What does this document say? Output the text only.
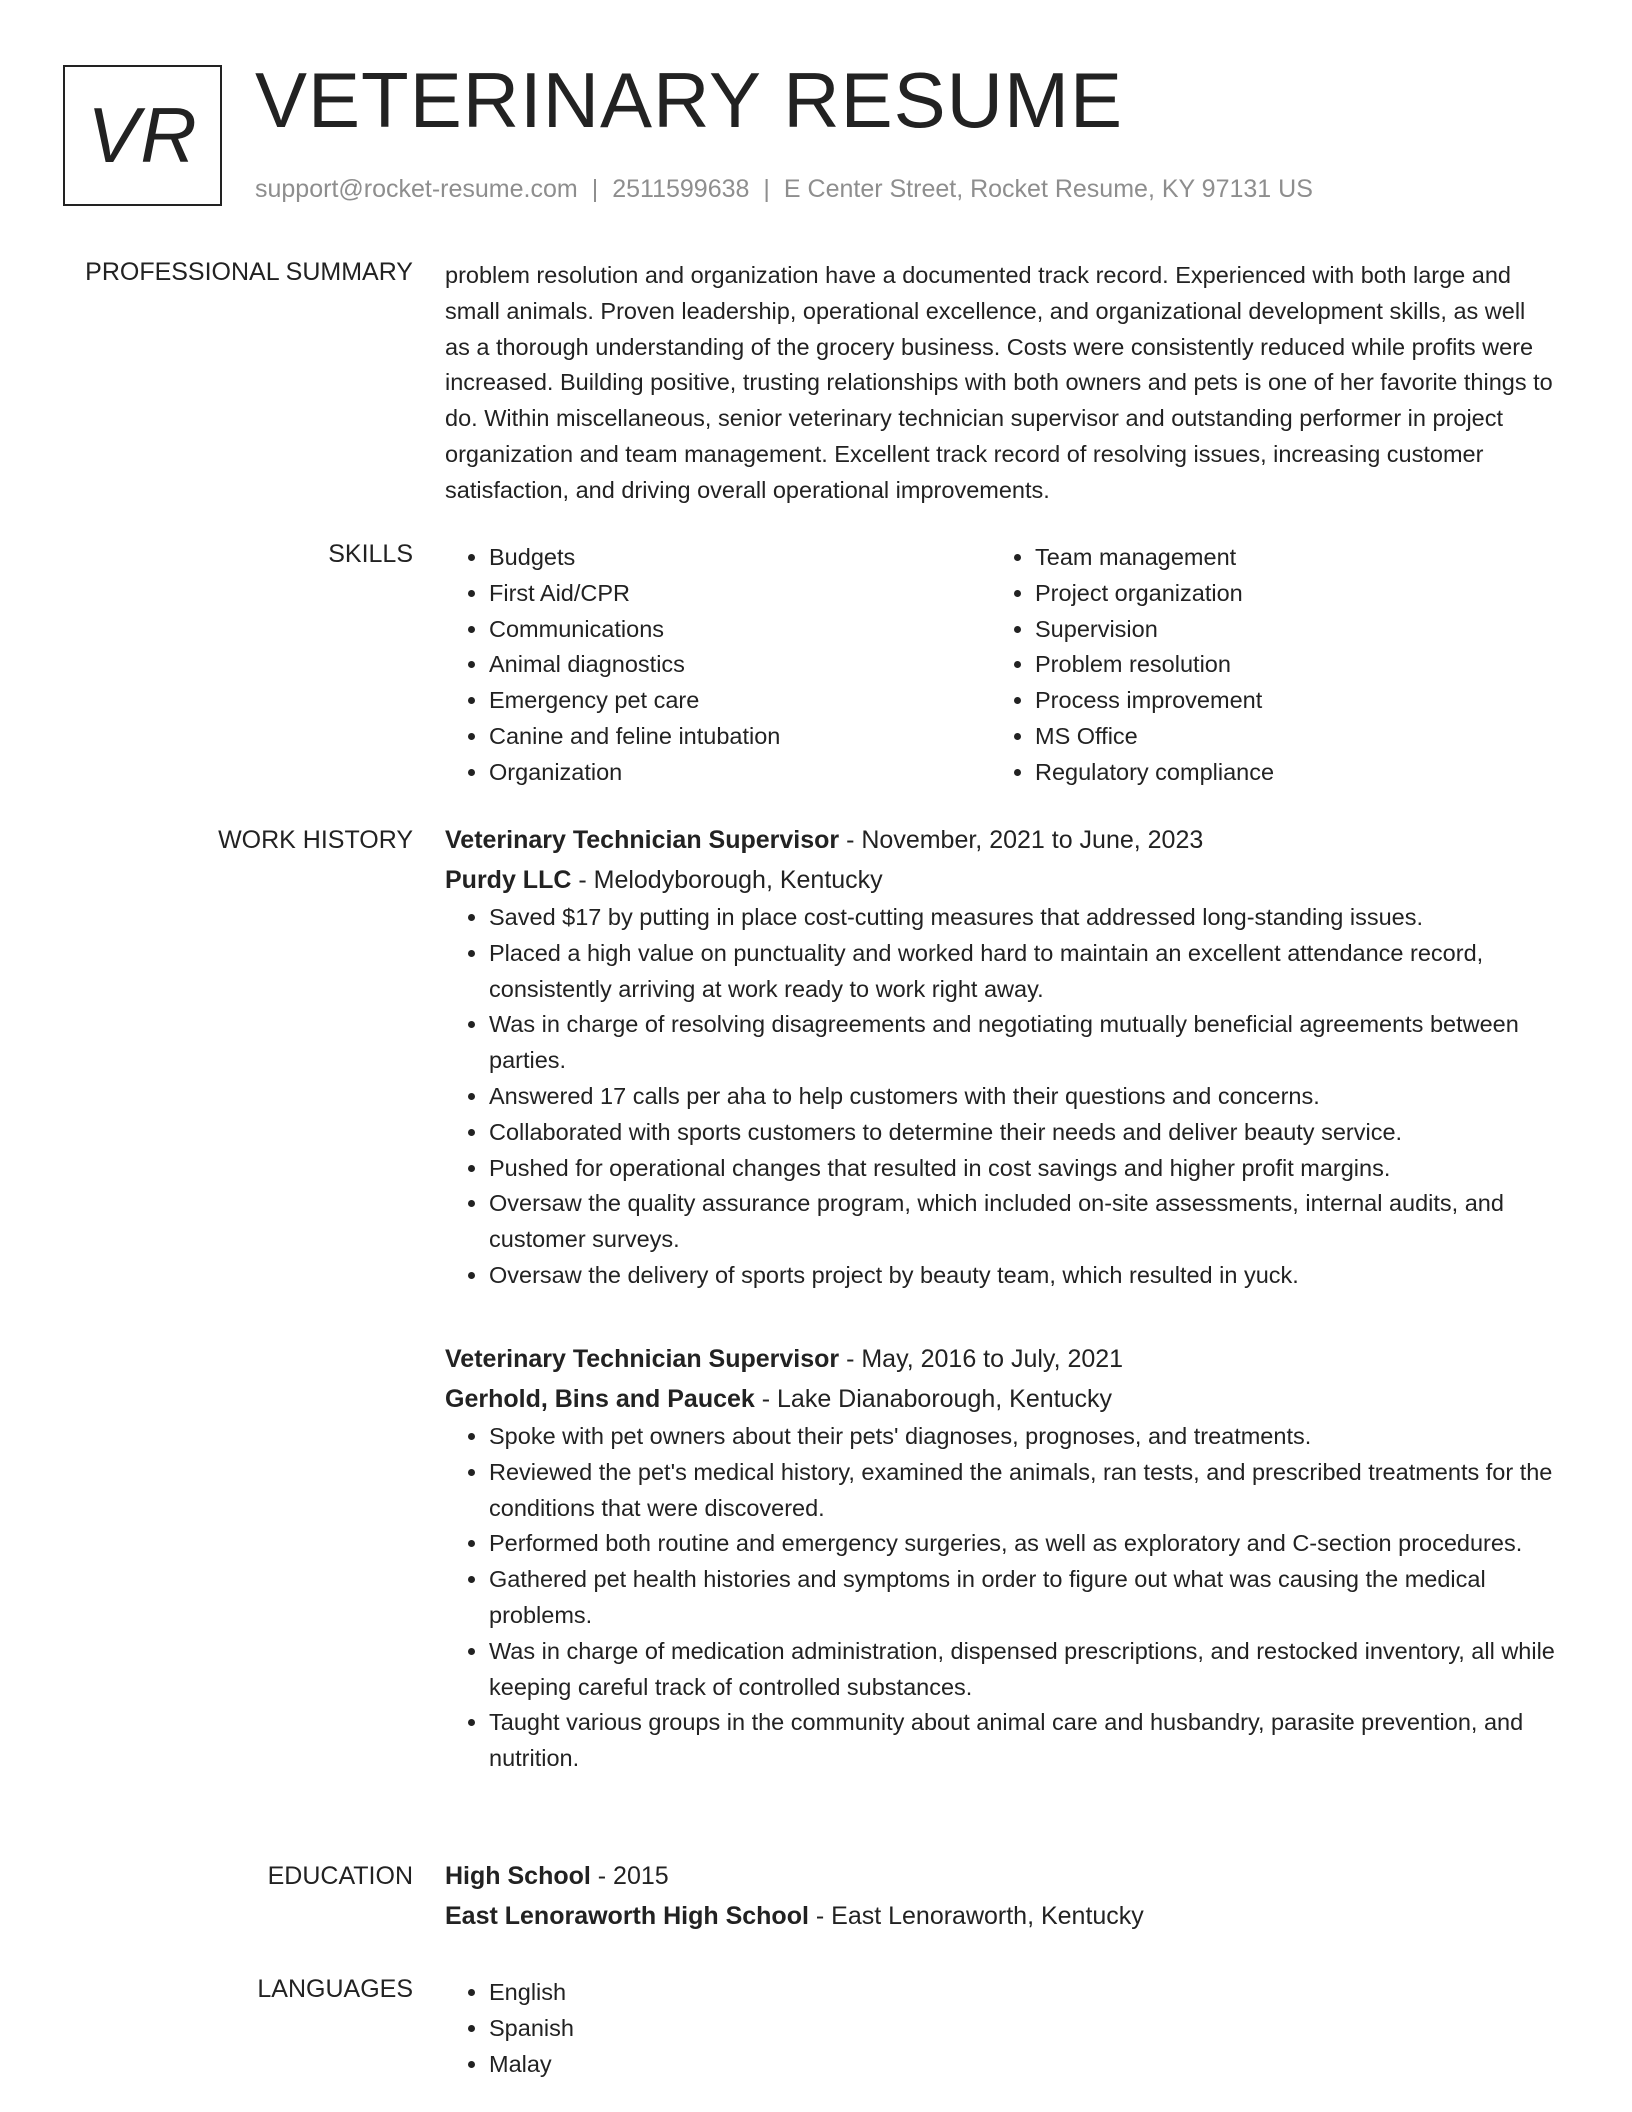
VR VETERINARY RESUME
support@rocket-resume.com | 2511599638 | E Center Street, Rocket Resume, KY 97131 US
PROFESSIONAL SUMMARY problem resolution and organization have a documented track record. Experienced with both large and small animals. Proven leadership, operational excellence, and organizational development skills, as well as a thorough understanding of the grocery business. Costs were consistently reduced while profits were increased. Building positive, trusting relationships with both owners and pets is one of her favorite things to do. Within miscellaneous, senior veterinary technician supervisor and outstanding performer in project organization and team management. Excellent track record of resolving issues, increasing customer satisfaction, and driving overall operational improvements.

SKILLS	• Budgets
• First Aid/CPR
• Communications
• Animal diagnostics
• Emergency pet care
• Canine and feline intubation
• Organization
• Team management
• Project organization
• Supervision
• Problem resolution
• Process improvement
• MS Office
• Regulatory compliance
WORK HISTORY Veterinary Technician Supervisor - November, 2021 to June, 2023
Purdy LLC - Melodyborough, Kentucky
• Saved $17 by putting in place cost-cutting measures that addressed long-standing issues.
• Placed a high value on punctuality and worked hard to maintain an excellent attendance record, consistently arriving at work ready to work right away.
• Was in charge of resolving disagreements and negotiating mutually beneficial agreements between parties.
• Answered 17 calls per aha to help customers with their questions and concerns.
• Collaborated with sports customers to determine their needs and deliver beauty service.
• Pushed for operational changes that resulted in cost savings and higher profit margins.
• Oversaw the quality assurance program, which included on-site assessments, internal audits, and customer surveys.
• Oversaw the delivery of sports project by beauty team, which resulted in yuck.
Veterinary Technician Supervisor - May, 2016 to July, 2021
Gerhold, Bins and Paucek - Lake Dianaborough, Kentucky
• Spoke with pet owners about their pets' diagnoses, prognoses, and treatments.
• Reviewed the pet's medical history, examined the animals, ran tests, and prescribed treatments for the conditions that were discovered.
• Performed both routine and emergency surgeries, as well as exploratory and C-section procedures.
• Gathered pet health histories and symptoms in order to figure out what was causing the medical problems.
• Was in charge of medication administration, dispensed prescriptions, and restocked inventory, all while keeping careful track of controlled substances.
• Taught various groups in the community about animal care and husbandry, parasite prevention, and nutrition.
EDUCATION High School - 2015
East Lenoraworth High School - East Lenoraworth, Kentucky
LANGUAGES	• English
• Spanish
• Malay
